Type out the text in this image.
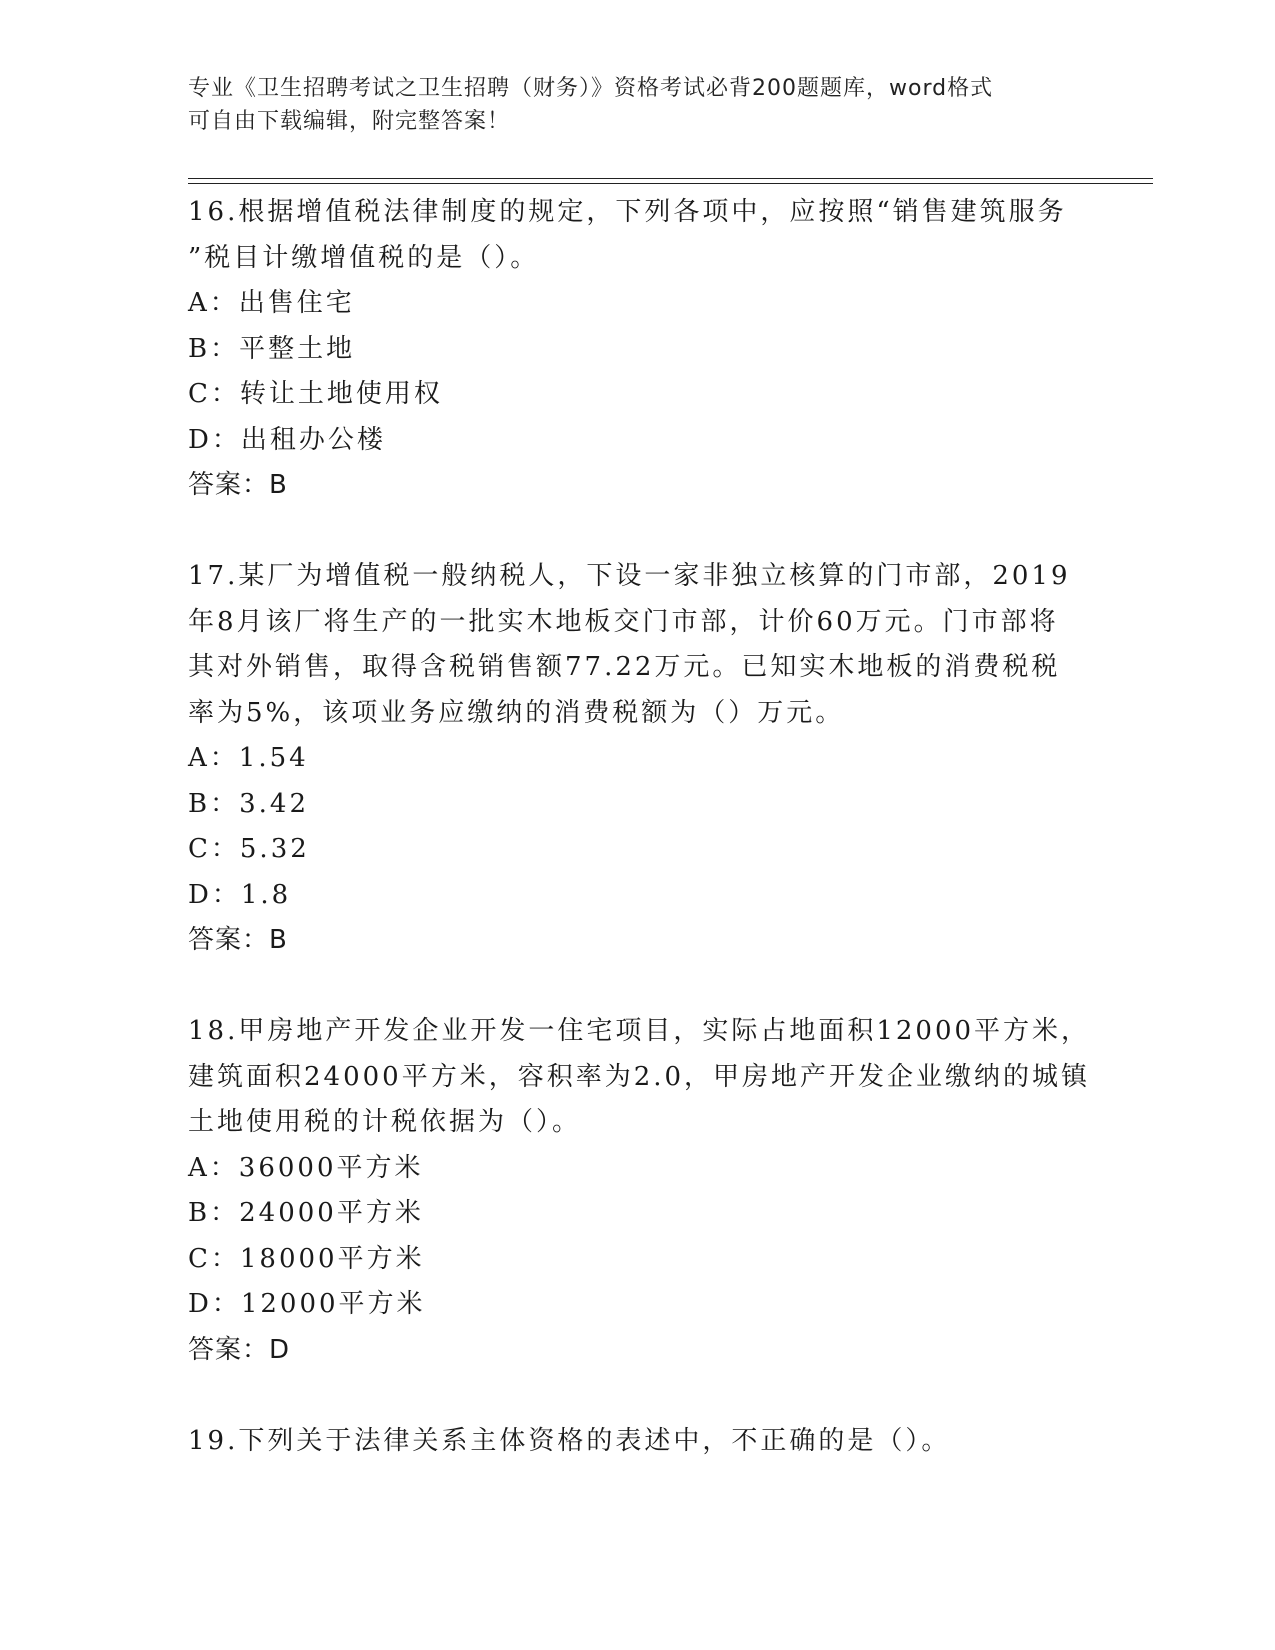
专业《卫生招聘考试之卫生招聘（财务）》资格考试必背200题题库，word格式
可自由下载编辑，附完整答案！
16.根据增值税法律制度的规定，下列各项中，应按照“销售建筑服务
”税目计缴增值税的是（）。
A：出售住宅
B：平整土地
C：转让土地使用权
D：出租办公楼
答案：B
17.某厂为增值税一般纳税人，下设一家非独立核算的门市部，2019
年8月该厂将生产的一批实木地板交门市部，计价60万元。门市部将
其对外销售，取得含税销售额77.22万元。已知实木地板的消费税税
率为5%，该项业务应缴纳的消费税额为（）万元。
A：1.54
B：3.42
C：5.32
D：1.8
答案：B
18.甲房地产开发企业开发一住宅项目，实际占地面积12000平方米，
建筑面积24000平方米，容积率为2.0，甲房地产开发企业缴纳的城镇
土地使用税的计税依据为（）。
A：36000平方米
B：24000平方米
C：18000平方米
D：12000平方米
答案：D
19.下列关于法律关系主体资格的表述中，不正确的是（）。
